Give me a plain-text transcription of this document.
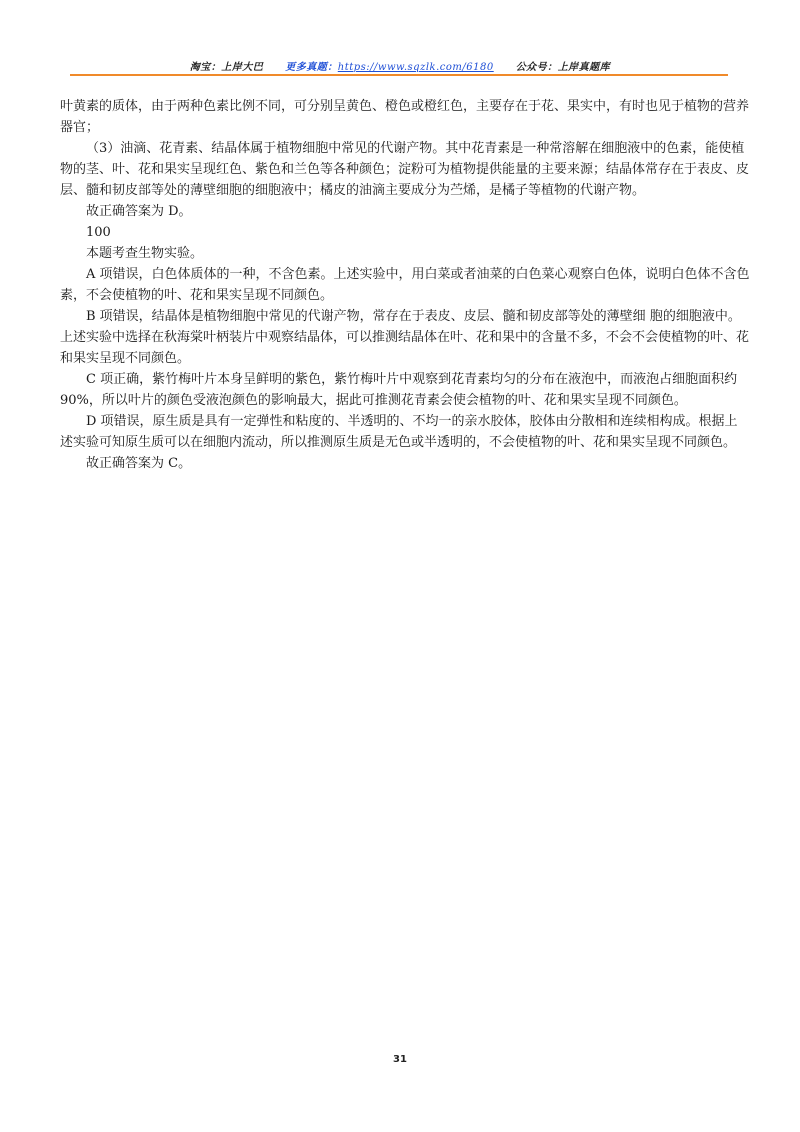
淘宝：上岸大巴 更多真题：https://www.sqzlk.com/6180 公众号：上岸真题库

叶黄素的质体，由于两种色素比例不同，可分别呈黄色、橙色或橙红色，主要存在于花、果实中，有时也见于植物的营养器官；

（3）油滴、花青素、结晶体属于植物细胞中常见的代谢产物。其中花青素是一种常溶解在细胞液中的色素，能使植物的茎、叶、花和果实呈现红色、紫色和兰色等各种颜色；淀粉可为植物提供能量的主要来源；结晶体常存在于表皮、皮层、髓和韧皮部等处的薄壁细胞的细胞液中；橘皮的油滴主要成分为苎烯，是橘子等植物的代谢产物。

故正确答案为 D。

100

本题考查生物实验。

A 项错误，白色体质体的一种，不含色素。上述实验中，用白菜或者油菜的白色菜心观察白色体，说明白色体不含色素，不会使植物的叶、花和果实呈现不同颜色。

B 项错误，结晶体是植物细胞中常见的代谢产物，常存在于表皮、皮层、髓和韧皮部等处的薄壁细 胞的细胞液中。上述实验中选择在秋海棠叶柄装片中观察结晶体，可以推测结晶体在叶、花和果中的含量不多，不会不会使植物的叶、花和果实呈现不同颜色。

C 项正确，紫竹梅叶片本身呈鲜明的紫色，紫竹梅叶片中观察到花青素均匀的分布在液泡中，而液泡占细胞面积约 90%，所以叶片的颜色受液泡颜色的影响最大，据此可推测花青素会使会植物的叶、花和果实呈现不同颜色。

D 项错误，原生质是具有一定弹性和粘度的、半透明的、不均一的亲水胶体，胶体由分散相和连续相构成。根据上述实验可知原生质可以在细胞内流动，所以推测原生质是无色或半透明的，不会使植物的叶、花和果实呈现不同颜色。

故正确答案为 C。

31
